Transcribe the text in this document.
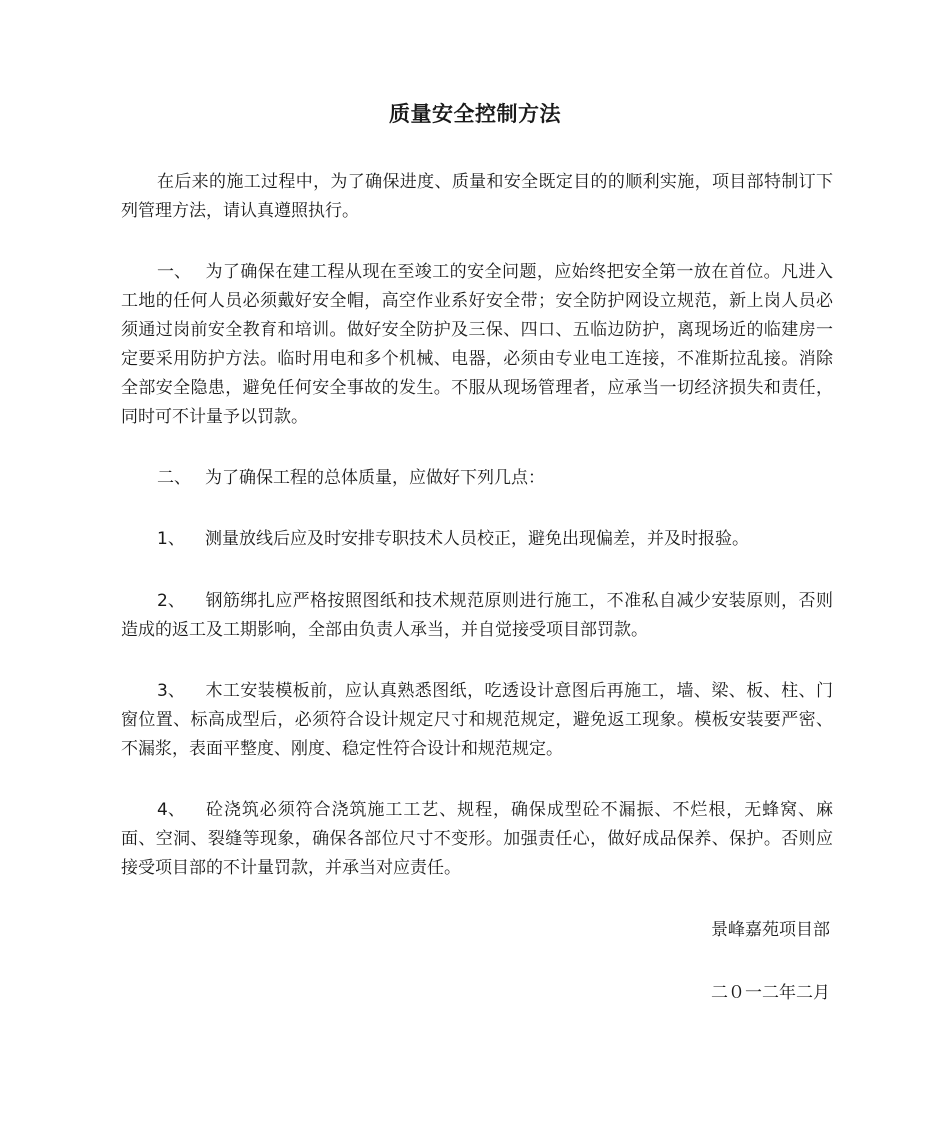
质量安全控制方法

在后来的施工过程中，为了确保进度、质量和安全既定目的的顺利实施，项目部特制订下列管理方法，请认真遵照执行。

一、 为了确保在建工程从现在至竣工的安全问题，应始终把安全第一放在首位。凡进入工地的任何人员必须戴好安全帽，高空作业系好安全带；安全防护网设立规范，新上岗人员必须通过岗前安全教育和培训。做好安全防护及三保、四口、五临边防护，离现场近的临建房一定要采用防护方法。临时用电和多个机械、电器，必须由专业电工连接，不准斯拉乱接。消除全部安全隐患，避免任何安全事故的发生。不服从现场管理者，应承当一切经济损失和责任，同时可不计量予以罚款。

二、 为了确保工程的总体质量，应做好下列几点：

1、 测量放线后应及时安排专职技术人员校正，避免出现偏差，并及时报验。

2、 钢筋绑扎应严格按照图纸和技术规范原则进行施工，不准私自减少安装原则，否则造成的返工及工期影响，全部由负责人承当，并自觉接受项目部罚款。

3、 木工安装模板前，应认真熟悉图纸，吃透设计意图后再施工，墙、梁、板、柱、门窗位置、标高成型后，必须符合设计规定尺寸和规范规定，避免返工现象。模板安装要严密、不漏浆，表面平整度、刚度、稳定性符合设计和规范规定。

4、 砼浇筑必须符合浇筑施工工艺、规程，确保成型砼不漏振、不烂根，无蜂窝、麻面、空洞、裂缝等现象，确保各部位尺寸不变形。加强责任心，做好成品保养、保护。否则应接受项目部的不计量罚款，并承当对应责任。

景峰嘉苑项目部

二０一二年二月
